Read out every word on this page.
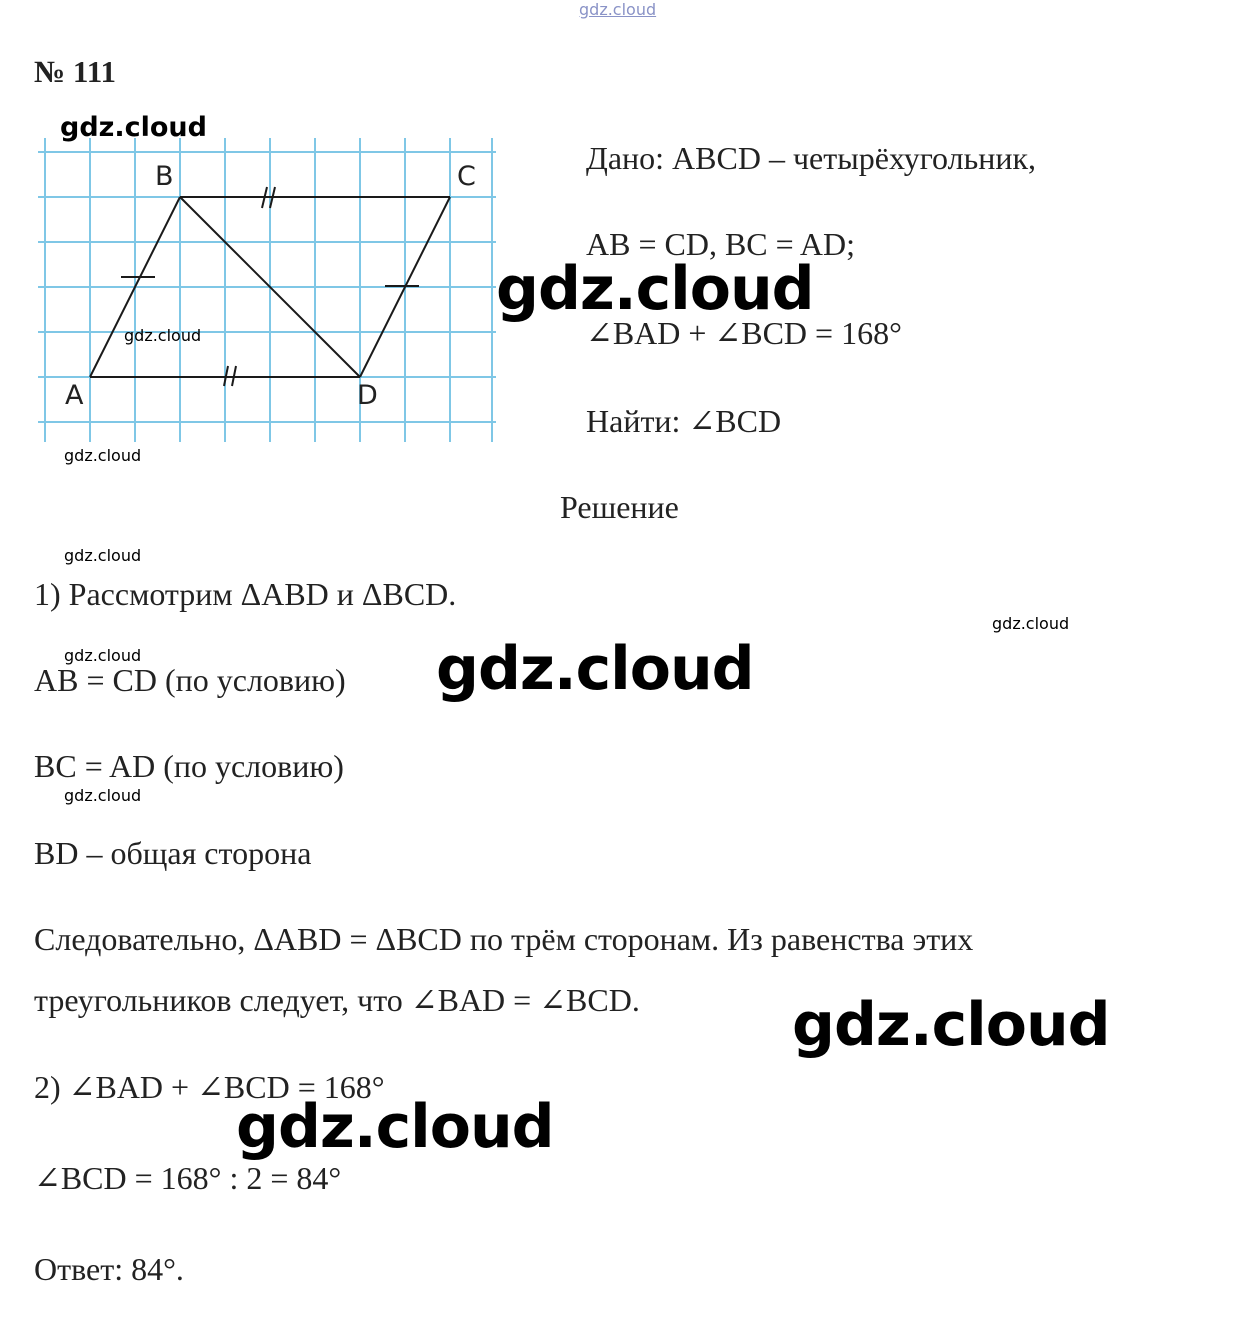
gdz.cloud
№ 111
gdz.cloud
B	C
A	D
gdz.cloud
gdz.cloud
Дано: ABCD – четырёхугольник,
AB = CD, BC = AD;
gdz.cloud
∠BAD + ∠BCD = 168°
Найти: ∠BCD
Решение
gdz.cloud
1) Рассмотрим ΔABD и ΔBCD.
gdz.cloud
gdz.cloud
AB = CD (по условию) gdz.cloud
BC = AD (по условию)
gdz.cloud
BD – общая сторона
Следовательно, ΔABD = ΔBCD по трём сторонам. Из равенства этих
треугольников следует, что ∠BAD = ∠BCD.	gdz.cloud
2) ∠BAD + ∠BCD = 168°
gdz.cloud
∠BCD = 168° : 2 = 84°
Ответ: 84°.
